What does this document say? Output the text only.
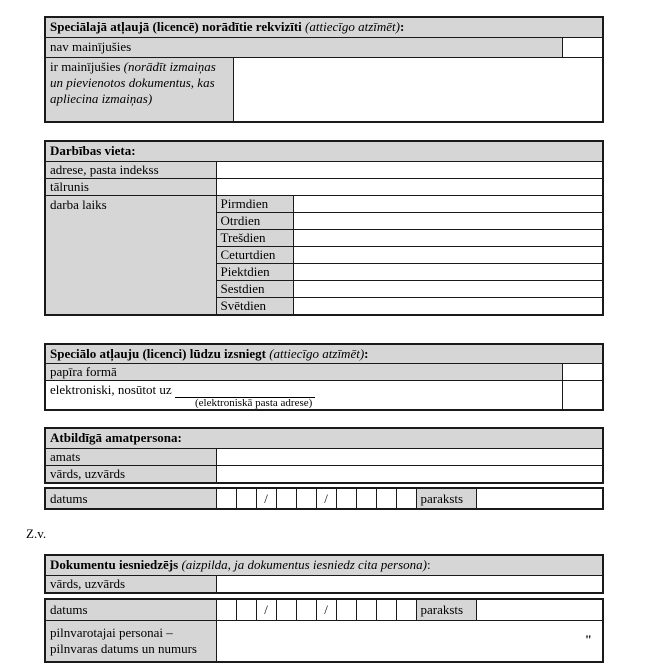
Speciālajā atļaujā (licencē) norādītie rekvizīti (attiecīgo atzīmēt):		
nav mainījušies		
ir mainījušies (norādīt izmaiņas un pievienotos dokumentus, kas apliecina izmaiņas)		
Darbības vieta:		
adrese, pasta indekss		
tālrunis		
darba laiks	Pirmdien	
	Otrdien	
	Trešdien	
	Ceturtdien	
	Piektdien	
	Sestdien	
	Svētdien	
Speciālo atļauju (licenci) lūdzu izsniegt (attiecīgo atzīmēt):	
papīra formā	

elektroniski, nosūtot uz
(elektroniskā pasta adrese)	

Atbildīgā amatpersona:	
amats	
vārds, uzvārds	
datums			/			/					paraksts	
Z.v.
Dokumentu iesniedzējs (aizpilda, ja dokumentus iesniedz cita persona):
vārds, uzvārds	
datums			/			/					paraksts	

pilnvarotajai personai –
pilnvaras datums un numurs	"											
